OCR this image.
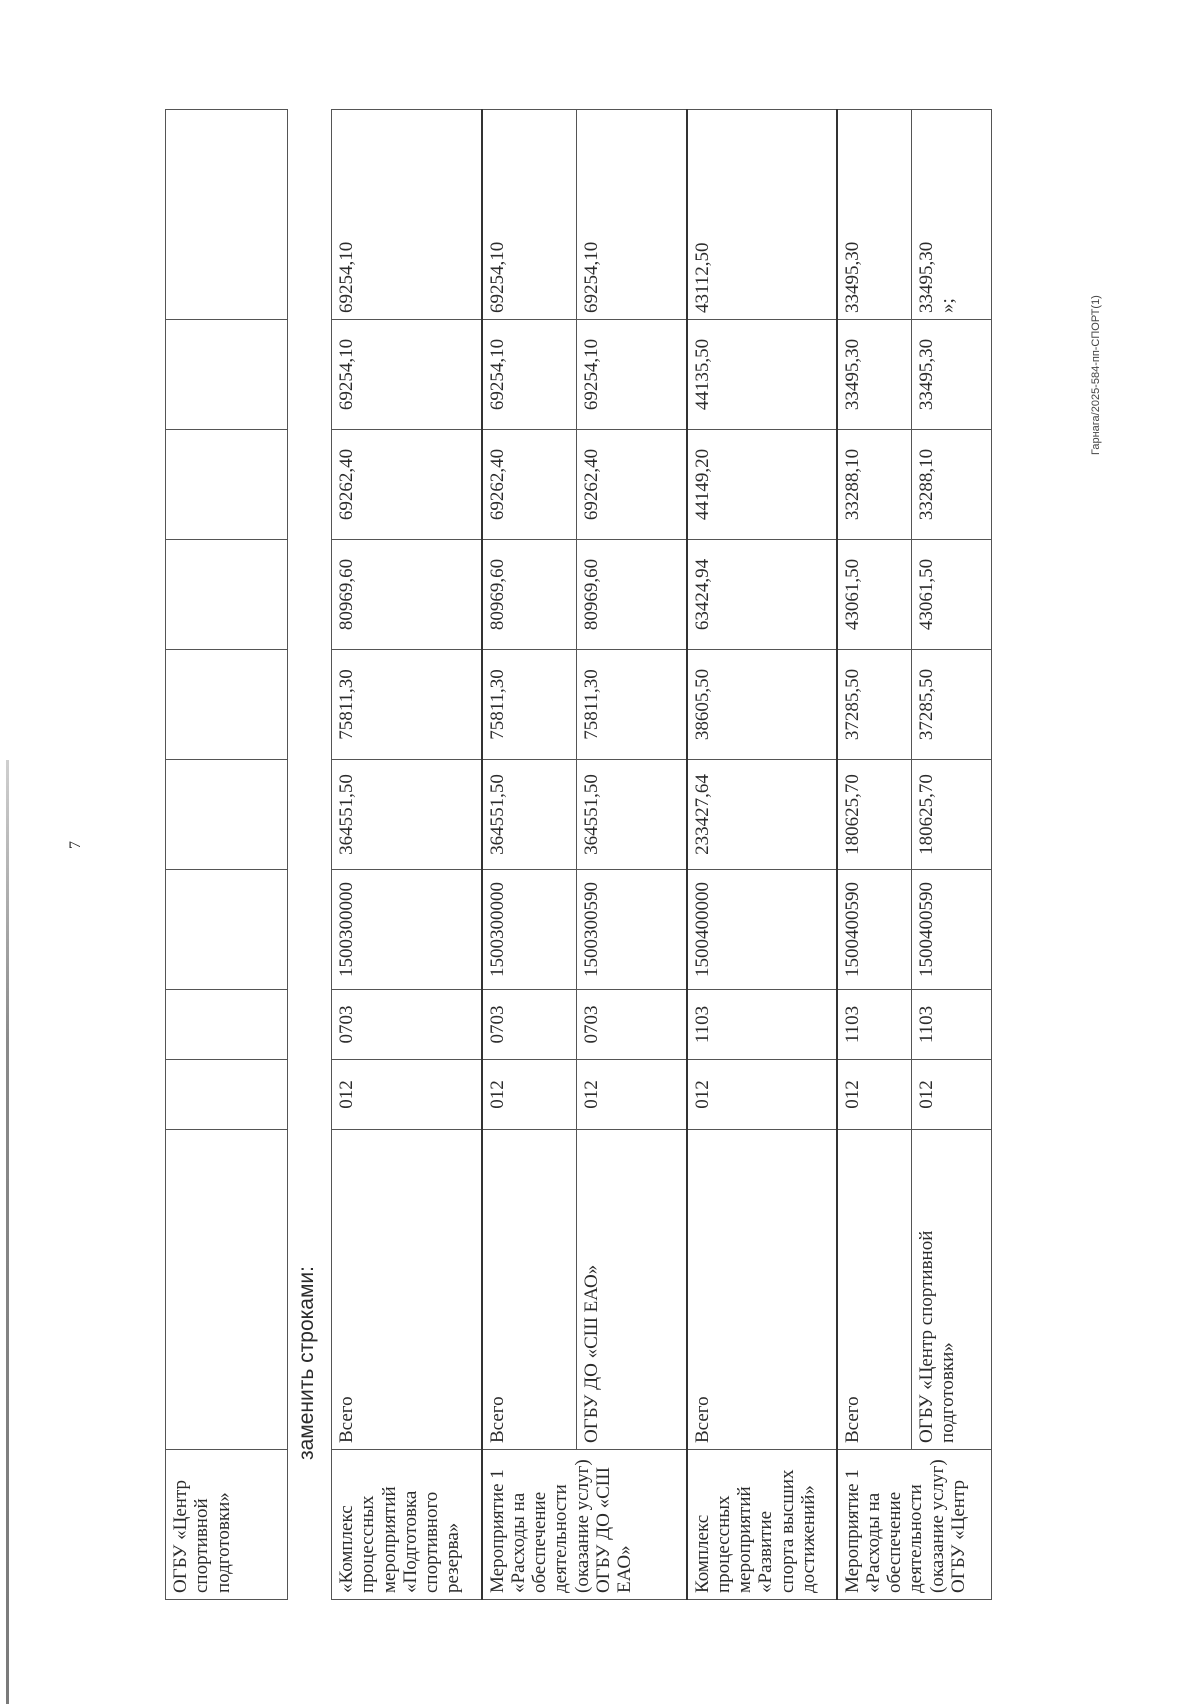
7
Гарнага/2025-584-пп-СПОРТ(1)
ОГБУ «Центр спортивной подготовки»										
заменить строками:
«Комплекс процессных мероприятий «Подготовка спортивного резерва»	Всего	012	0703	1500300000	364551,50	75811,30	80969,60	69262,40	69254,10	69254,10
Мероприятие 1 «Расходы на обеспечение деятельности (оказание услуг) ОГБУ ДО «СШ ЕАО»	Всего	012	0703	1500300000	364551,50	75811,30	80969,60	69262,40	69254,10	69254,10
	ОГБУ ДО «СШ ЕАО»	012	0703	1500300590	364551,50	75811,30	80969,60	69262,40	69254,10	69254,10
Комплекс процессных мероприятий «Развитие спорта высших достижений»	Всего	012	1103	1500400000	233427,64	38605,50	63424,94	44149,20	44135,50	43112,50
Мероприятие 1 «Расходы на обеспечение деятельности (оказание услуг) ОГБУ «Центр	Всего	012	1103	1500400590	180625,70	37285,50	43061,50	33288,10	33495,30	33495,30
	ОГБУ «Центр спортивной подготовки»	012	1103	1500400590	180625,70	37285,50	43061,50	33288,10	33495,30	33495,30
»;
